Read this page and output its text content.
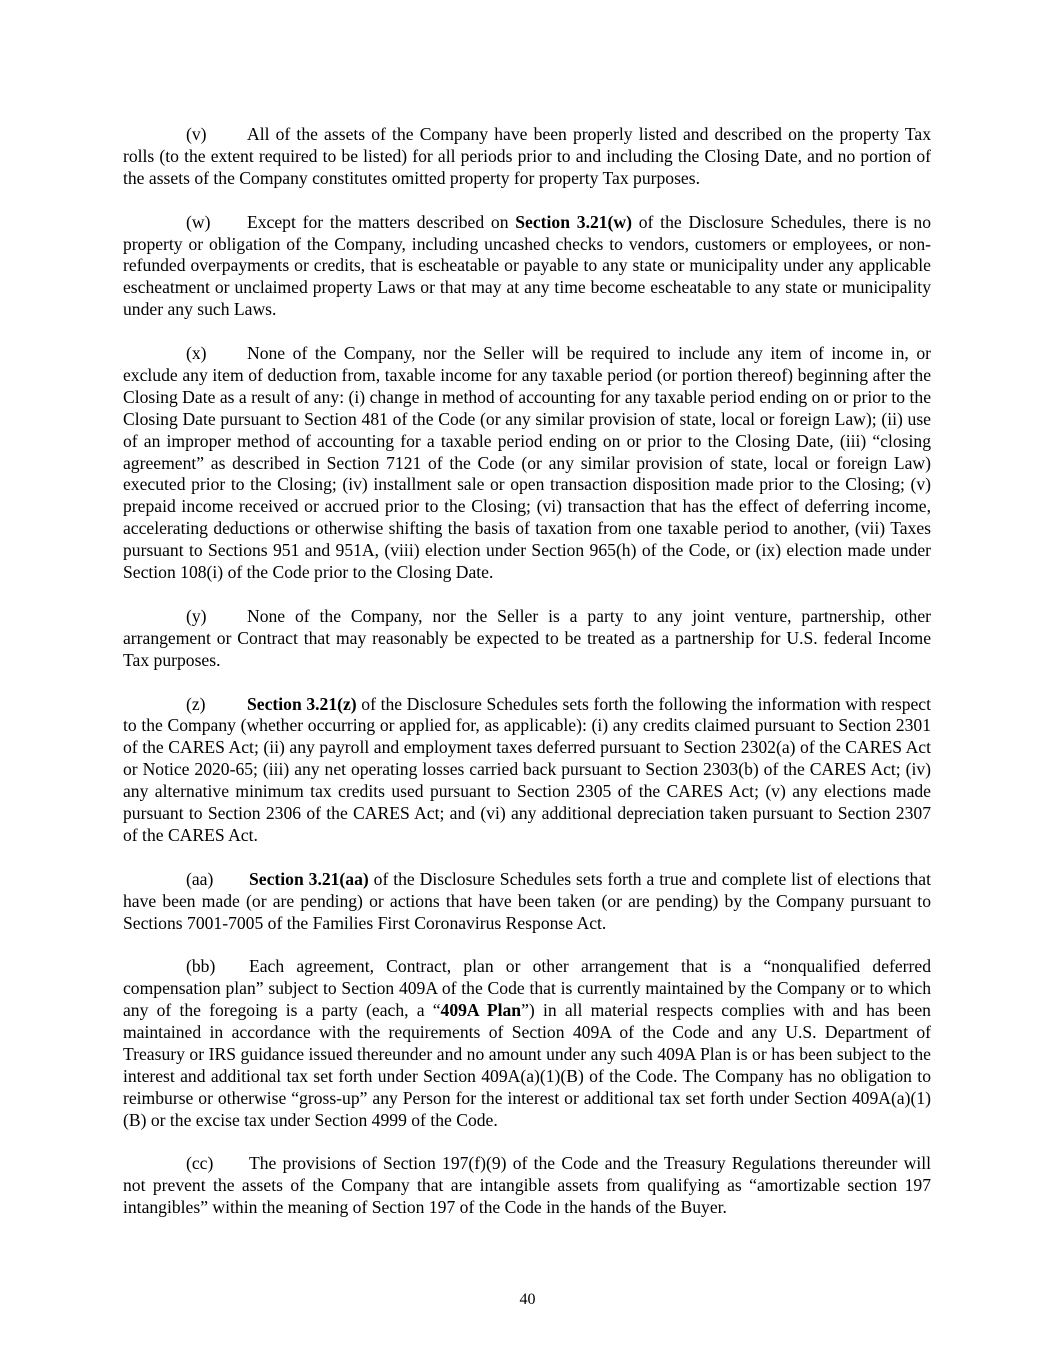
(v) All of the assets of the Company have been properly listed and described on the property Tax rolls (to the extent required to be listed) for all periods prior to and including the Closing Date, and no portion of the assets of the Company constitutes omitted property for property Tax purposes.

(w) Except for the matters described on Section 3.21(w) of the Disclosure Schedules, there is no property or obligation of the Company, including uncashed checks to vendors, customers or employees, or non-refunded overpayments or credits, that is escheatable or payable to any state or municipality under any applicable escheatment or unclaimed property Laws or that may at any time become escheatable to any state or municipality under any such Laws.

(x) None of the Company, nor the Seller will be required to include any item of income in, or exclude any item of deduction from, taxable income for any taxable period (or portion thereof) beginning after the Closing Date as a result of any: (i) change in method of accounting for any taxable period ending on or prior to the Closing Date pursuant to Section 481 of the Code (or any similar provision of state, local or foreign Law); (ii) use of an improper method of accounting for a taxable period ending on or prior to the Closing Date, (iii) “closing agreement” as described in Section 7121 of the Code (or any similar provision of state, local or foreign Law) executed prior to the Closing; (iv) installment sale or open transaction disposition made prior to the Closing; (v) prepaid income received or accrued prior to the Closing; (vi) transaction that has the effect of deferring income, accelerating deductions or otherwise shifting the basis of taxation from one taxable period to another, (vii) Taxes pursuant to Sections 951 and 951A, (viii) election under Section 965(h) of the Code, or (ix) election made under Section 108(i) of the Code prior to the Closing Date.

(y) None of the Company, nor the Seller is a party to any joint venture, partnership, other arrangement or Contract that may reasonably be expected to be treated as a partnership for U.S. federal Income Tax purposes.

(z) Section 3.21(z) of the Disclosure Schedules sets forth the following the information with respect to the Company (whether occurring or applied for, as applicable): (i) any credits claimed pursuant to Section 2301 of the CARES Act; (ii) any payroll and employment taxes deferred pursuant to Section 2302(a) of the CARES Act or Notice 2020-65; (iii) any net operating losses carried back pursuant to Section 2303(b) of the CARES Act; (iv) any alternative minimum tax credits used pursuant to Section 2305 of the CARES Act; (v) any elections made pursuant to Section 2306 of the CARES Act; and (vi) any additional depreciation taken pursuant to Section 2307 of the CARES Act.

(aa) Section 3.21(aa) of the Disclosure Schedules sets forth a true and complete list of elections that have been made (or are pending) or actions that have been taken (or are pending) by the Company pursuant to Sections 7001-7005 of the Families First Coronavirus Response Act.

(bb) Each agreement, Contract, plan or other arrangement that is a “nonqualified deferred compensation plan” subject to Section 409A of the Code that is currently maintained by the Company or to which any of the foregoing is a party (each, a “409A Plan”) in all material respects complies with and has been maintained in accordance with the requirements of Section 409A of the Code and any U.S. Department of Treasury or IRS guidance issued thereunder and no amount under any such 409A Plan is or has been subject to the interest and additional tax set forth under Section 409A(a)(1)(B) of the Code. The Company has no obligation to reimburse or otherwise “gross-up” any Person for the interest or additional tax set forth under Section 409A(a)(1)(B) or the excise tax under Section 4999 of the Code.

(cc) The provisions of Section 197(f)(9) of the Code and the Treasury Regulations thereunder will not prevent the assets of the Company that are intangible assets from qualifying as “amortizable section 197 intangibles” within the meaning of Section 197 of the Code in the hands of the Buyer.

40
